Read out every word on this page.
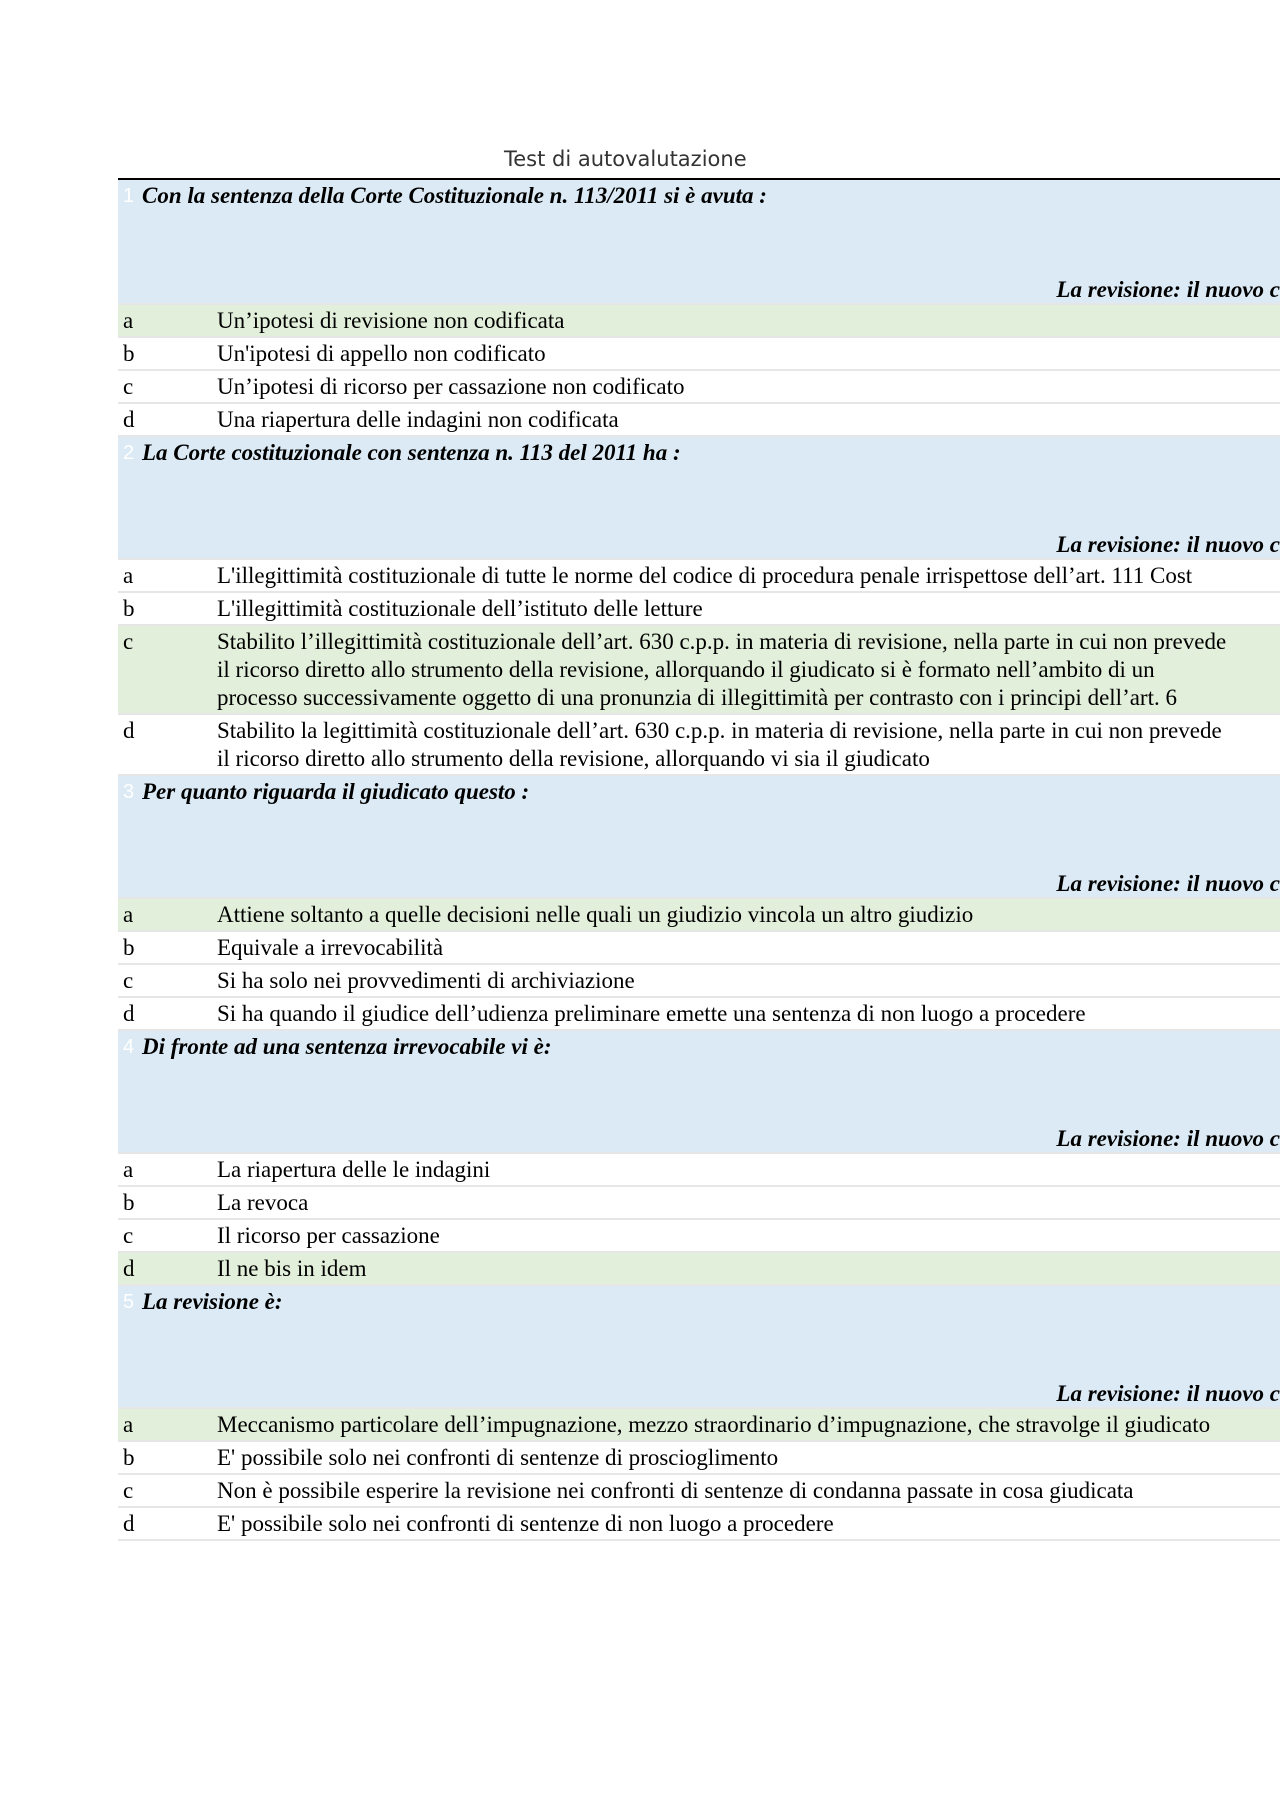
Test di autovalutazione
1 Con la sentenza della Corte Costituzionale n. 113/2011 si è avuta :
La revisione: il nuovo c
a	Un’ipotesi di revisione non codificata
b	Un'ipotesi di appello non codificato
c	Un’ipotesi di ricorso per cassazione non codificato
d	Una riapertura delle indagini non codificata
2 La Corte costituzionale con sentenza n. 113 del 2011 ha :
La revisione: il nuovo c
a	L'illegittimità costituzionale di tutte le norme del codice di procedura penale irrispettose dell’art. 111 Cost
b	L'illegittimità costituzionale dell’istituto delle letture
c	Stabilito l’illegittimità costituzionale dell’art. 630 c.p.p. in materia di revisione, nella parte in cui non prevede il ricorso diretto allo strumento della revisione, allorquando il giudicato si è formato nell’ambito di un processo successivamente oggetto di una pronunzia di illegittimità per contrasto con i principi dell’art. 6
d	Stabilito la legittimità costituzionale dell’art. 630 c.p.p. in materia di revisione, nella parte in cui non prevede il ricorso diretto allo strumento della revisione, allorquando vi sia il giudicato
3 Per quanto riguarda il giudicato questo :
La revisione: il nuovo c
a	Attiene soltanto a quelle decisioni nelle quali un giudizio vincola un altro giudizio
b	Equivale a irrevocabilità
c	Si ha solo nei provvedimenti di archiviazione
d	Si ha quando il giudice dell’udienza preliminare emette una sentenza di non luogo a procedere
4 Di fronte ad una sentenza irrevocabile vi è:
La revisione: il nuovo c
a	La riapertura delle le indagini
b	La revoca
c	Il ricorso per cassazione
d	Il ne bis in idem
5 La revisione è:
La revisione: il nuovo c
a	Meccanismo particolare dell’impugnazione, mezzo straordinario d’impugnazione, che stravolge il giudicato
b	E' possibile solo nei confronti di sentenze di proscioglimento
c	Non è possibile esperire la revisione nei confronti di sentenze di condanna passate in cosa giudicata
d	E' possibile solo nei confronti di sentenze di non luogo a procedere
